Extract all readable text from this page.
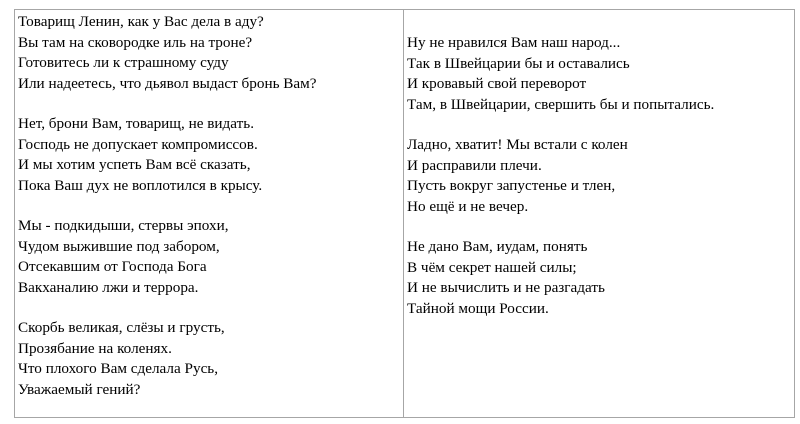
Товарищ Ленин, как у Вас дела в аду?
Вы там на сковородке иль на троне?
Готовитесь ли к страшному суду
Или надеетесь, что дьявол выдаст бронь Вам?
Нет, брони Вам, товарищ, не видать.
Господь не допускает компромиссов.
И мы хотим успеть Вам всё сказать,
Пока Ваш дух не воплотился в крысу.
Мы - подкидыши, стервы эпохи,
Чудом выжившие под забором,
Отсекавшим от Господа Бога
Вакханалию лжи и террора.
Скорбь великая, слёзы и грусть,
Прозябание на коленях.
Что плохого Вам сделала Русь,
Уважаемый гений?
Ну не нравился Вам наш народ...
Так в Швейцарии бы и оставались
И кровавый свой переворот
Там, в Швейцарии, свершить бы и попытались.
Ладно, хватит! Мы встали с колен
И расправили плечи.
Пусть вокруг запустенье и тлен,
Но ещё и не вечер.
Не дано Вам, иудам, понять
В чём секрет нашей силы;
И не вычислить и не разгадать
Тайной мощи России.
